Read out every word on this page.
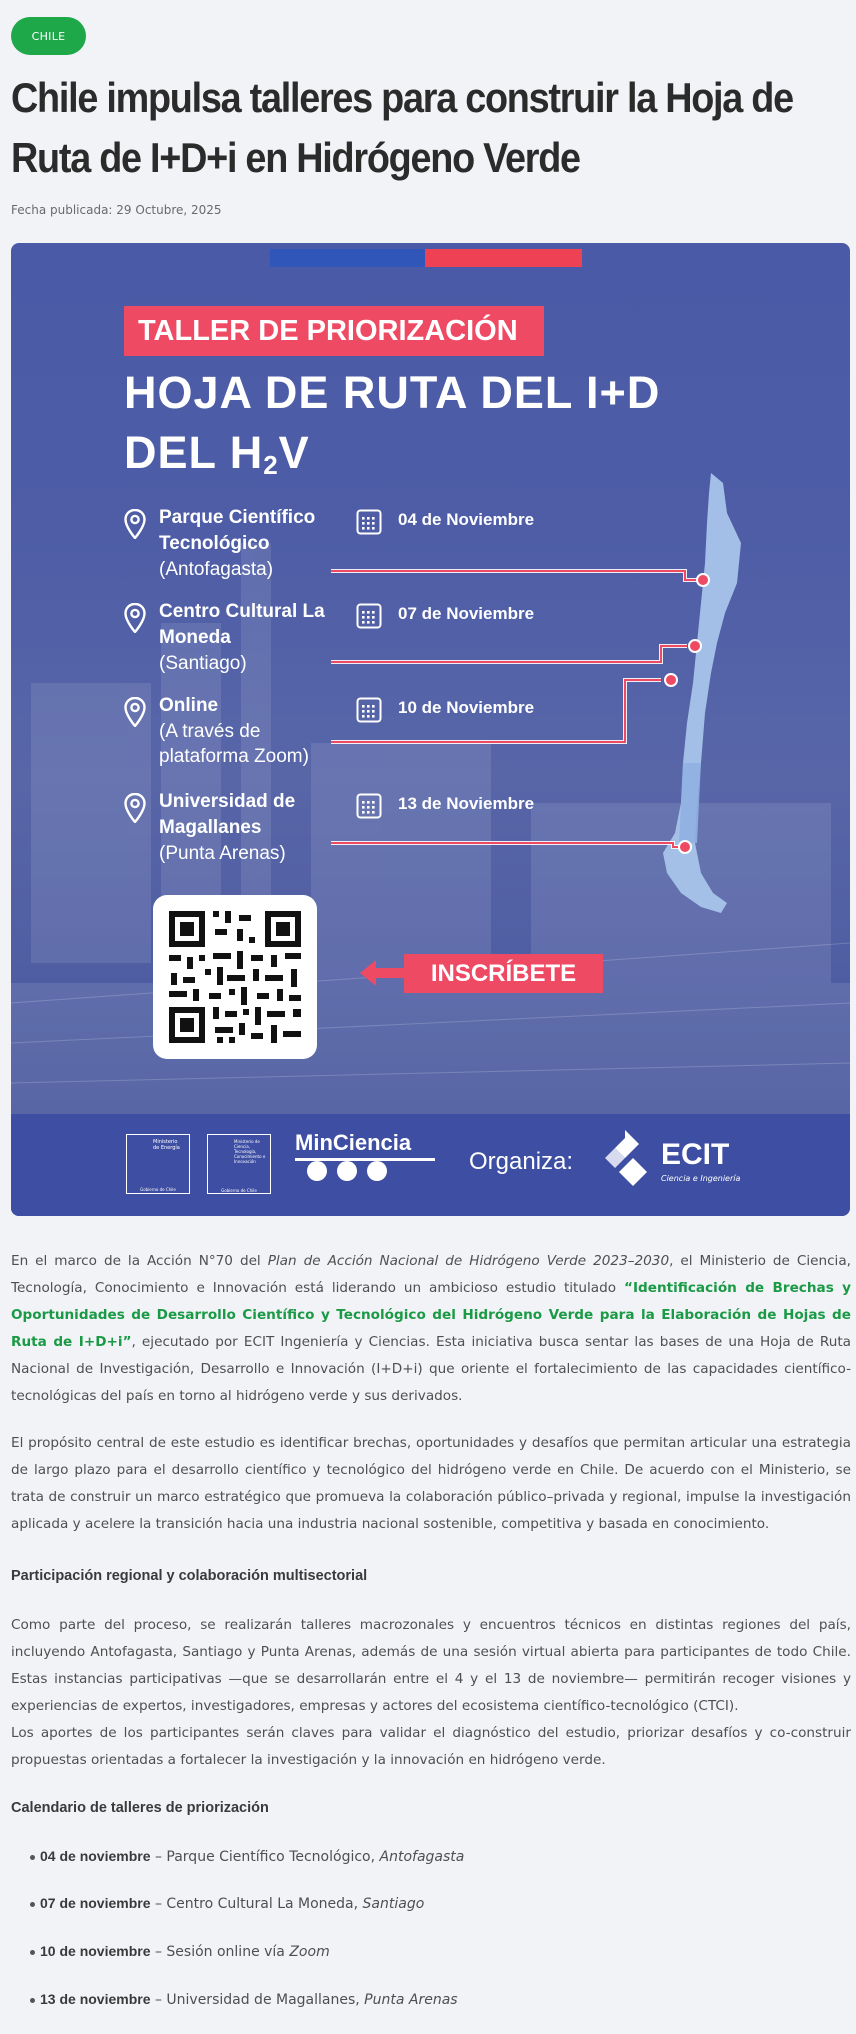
CHILE
Chile impulsa talleres para construir la Hoja de Ruta de I+D+i en Hidrógeno Verde
Fecha publicada: 29 Octubre, 2025
TALLER DE PRIORIZACIÓN
HOJA DE RUTA DEL I+D
DEL $H_2V$
Parque Científico Tecnológico
(Antofagasta)
04 de Noviembre
Centro Cultural La Moneda
(Santiago)
07 de Noviembre
Online
(A través de plataforma Zoom)
10 de Noviembre
Universidad de Magallanes
(Punta Arenas)
13 de Noviembre
INSCRÍBETE
Ministerio de Energía
Gobierno de Chile
Ministerio de Ciencia, Tecnología, Conocimiento e Innovación
Gobierno de Chile
MinCiencia
Organiza:	ECIT
Ciencia e Ingeniería

En el marco de la Acción N°70 del Plan de Acción Nacional de Hidrógeno Verde 2023–2030, el Ministerio de Ciencia, Tecnología, Conocimiento e Innovación está liderando un ambicioso estudio titulado “Identificación de Brechas y Oportunidades de Desarrollo Científico y Tecnológico del Hidrógeno Verde para la Elaboración de Hojas de Ruta de I+D+i”, ejecutado por ECIT Ingeniería y Ciencias. Esta iniciativa busca sentar las bases de una Hoja de Ruta Nacional de Investigación, Desarrollo e Innovación (I+D+i) que oriente el fortalecimiento de las capacidades científico-tecnológicas del país en torno al hidrógeno verde y sus derivados.

El propósito central de este estudio es identificar brechas, oportunidades y desafíos que permitan articular una estrategia de largo plazo para el desarrollo científico y tecnológico del hidrógeno verde en Chile. De acuerdo con el Ministerio, se trata de construir un marco estratégico que promueva la colaboración público–privada y regional, impulse la investigación aplicada y acelere la transición hacia una industria nacional sostenible, competitiva y basada en conocimiento.

Participación regional y colaboración multisectorial

Como parte del proceso, se realizarán talleres macrozonales y encuentros técnicos en distintas regiones del país, incluyendo Antofagasta, Santiago y Punta Arenas, además de una sesión virtual abierta para participantes de todo Chile. Estas instancias participativas —que se desarrollarán entre el 4 y el 13 de noviembre— permitirán recoger visiones y experiencias de expertos, investigadores, empresas y actores del ecosistema científico-tecnológico (CTCI).

Los aportes de los participantes serán claves para validar el diagnóstico del estudio, priorizar desafíos y co-construir propuestas orientadas a fortalecer la investigación y la innovación en hidrógeno verde.

Calendario de talleres de priorización
04 de noviembre – Parque Científico Tecnológico, Antofagasta
07 de noviembre – Centro Cultural La Moneda, Santiago
10 de noviembre – Sesión online vía Zoom
13 de noviembre – Universidad de Magallanes, Punta Arenas
